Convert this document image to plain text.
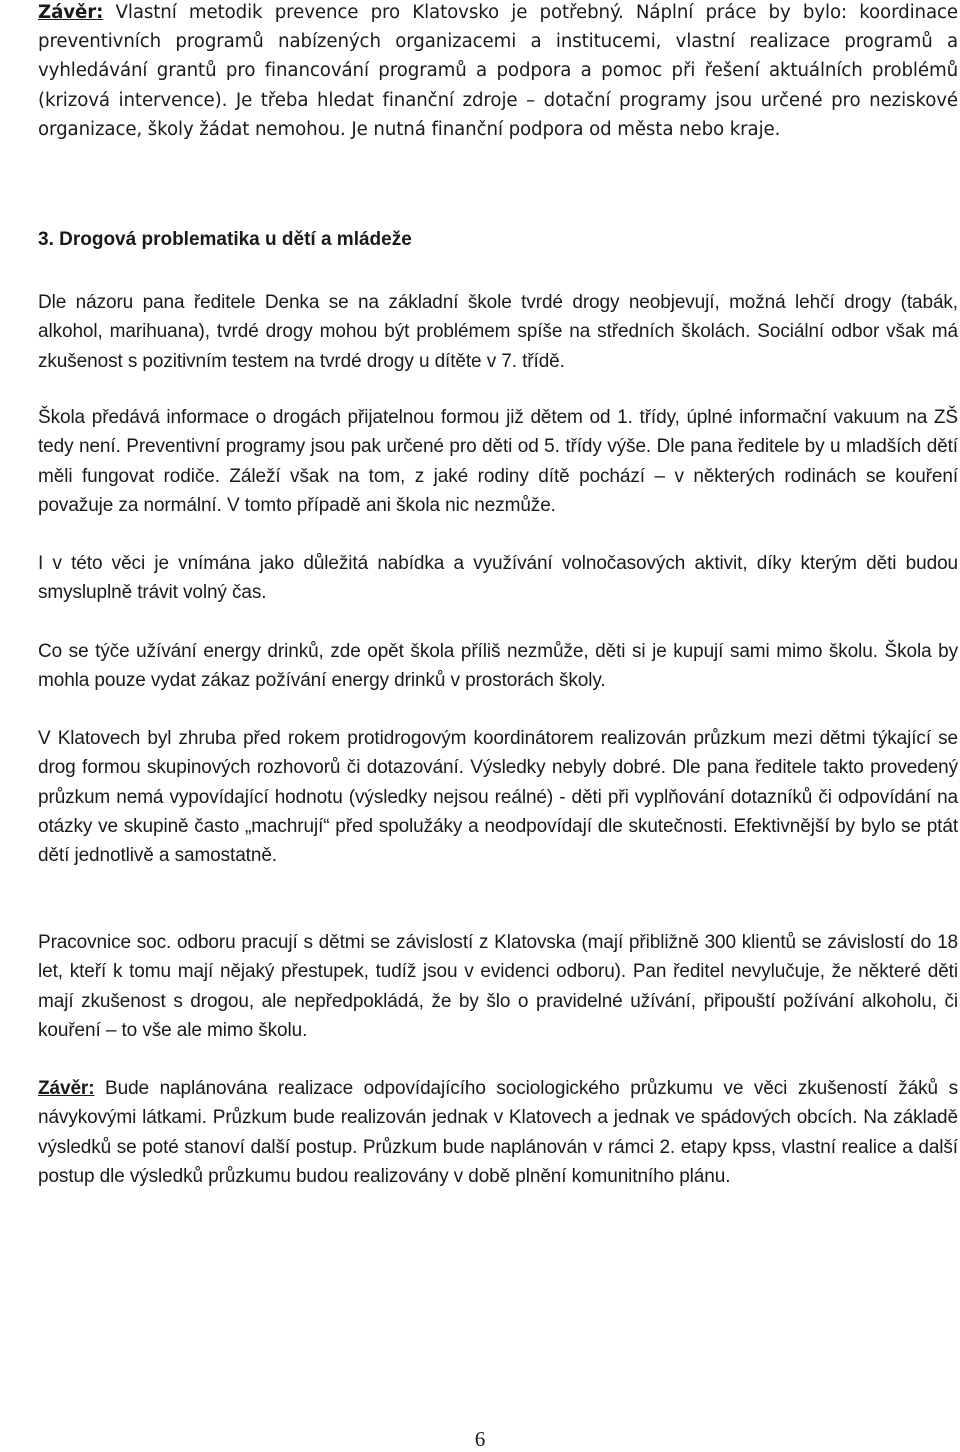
Závěr: Vlastní metodik prevence pro Klatovsko je potřebný. Náplní práce by bylo: koordinace preventivních programů nabízených organizacemi a institucemi, vlastní realizace programů a vyhledávání grantů pro financování programů a podpora a pomoc při řešení aktuálních problémů (krizová intervence). Je třeba hledat finanční zdroje – dotační programy jsou určené pro neziskové organizace, školy žádat nemohou. Je nutná finanční podpora od města nebo kraje.

3. Drogová problematika u dětí a mládeže

Dle názoru pana ředitele Denka se na základní škole tvrdé drogy neobjevují, možná lehčí drogy (tabák, alkohol, marihuana), tvrdé drogy mohou být problémem spíše na středních školách. Sociální odbor však má zkušenost s pozitivním testem na tvrdé drogy u dítěte v 7. třídě.

Škola předává informace o drogách přijatelnou formou již dětem od 1. třídy, úplné informační vakuum na ZŠ tedy není. Preventivní programy jsou pak určené pro děti od 5. třídy výše. Dle pana ředitele by u mladších dětí měli fungovat rodiče. Záleží však na tom, z jaké rodiny dítě pochází – v některých rodinách se kouření považuje za normální. V tomto případě ani škola nic nezmůže.

I v této věci je vnímána jako důležitá nabídka a využívání volnočasových aktivit, díky kterým děti budou smysluplně trávit volný čas.

Co se týče užívání energy drinků, zde opět škola příliš nezmůže, děti si je kupují sami mimo školu. Škola by mohla pouze vydat zákaz požívání energy drinků v prostorách školy.

V Klatovech byl zhruba před rokem protidrogovým koordinátorem realizován průzkum mezi dětmi týkající se drog formou skupinových rozhovorů či dotazování. Výsledky nebyly dobré. Dle pana ředitele takto provedený průzkum nemá vypovídající hodnotu (výsledky nejsou reálné) - děti při vyplňování dotazníků či odpovídání na otázky ve skupině často „machrují“ před spolužáky a neodpovídají dle skutečnosti. Efektivnější by bylo se ptát dětí jednotlivě a samostatně.

Pracovnice soc. odboru pracují s dětmi se závislostí z Klatovska (mají přibližně 300 klientů se závislostí do 18 let, kteří k tomu mají nějaký přestupek, tudíž jsou v evidenci odboru). Pan ředitel nevylučuje, že některé děti mají zkušenost s drogou, ale nepředpokládá, že by šlo o pravidelné užívání, připouští požívání alkoholu, či kouření – to vše ale mimo školu.

Závěr: Bude naplánována realizace odpovídajícího sociologického průzkumu ve věci zkušeností žáků s návykovými látkami. Průzkum bude realizován jednak v Klatovech a jednak ve spádových obcích. Na základě výsledků se poté stanoví další postup. Průzkum bude naplánován v rámci 2. etapy kpss, vlastní realice a další postup dle výsledků průzkumu budou realizovány v době plnění komunitního plánu.

6
